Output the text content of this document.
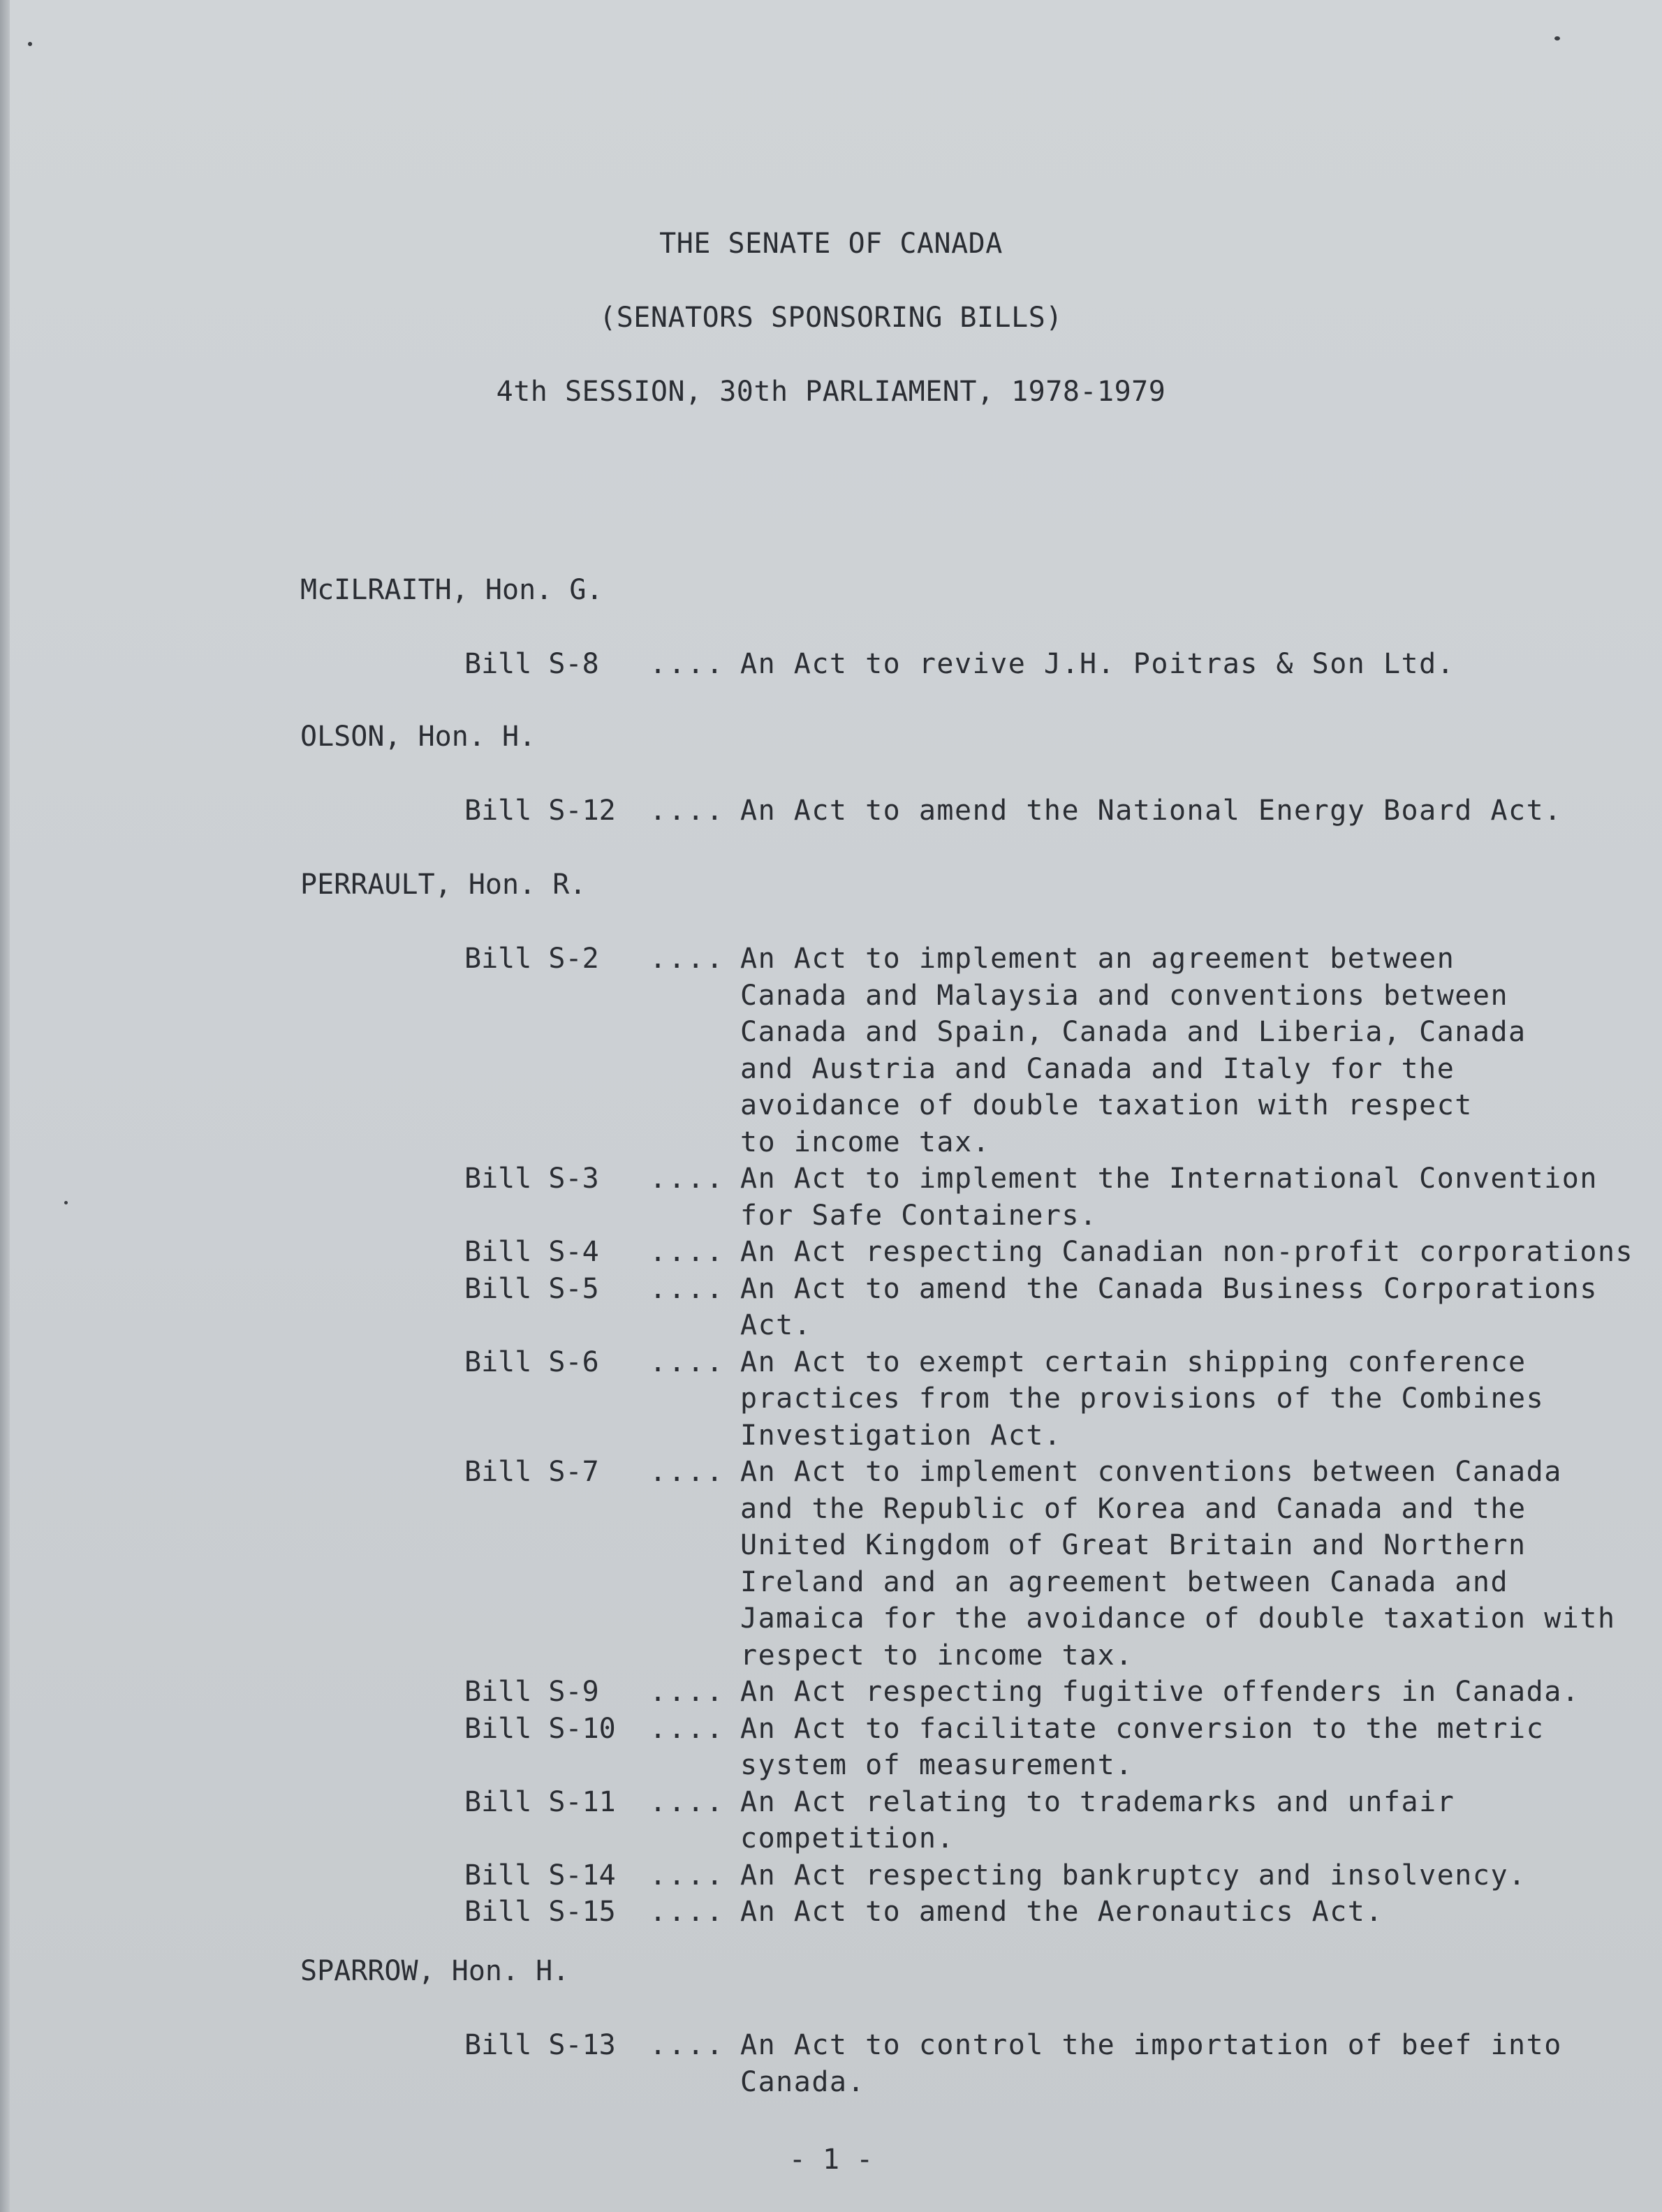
THE SENATE OF CANADA
(SENATORS SPONSORING BILLS)
4th SESSION, 30th PARLIAMENT, 1978-1979
McILRAITH, Hon. G.
Bill S-8 .... An Act to revive J.H. Poitras & Son Ltd.
OLSON, Hon. H.
Bill S-12 .... An Act to amend the National Energy Board Act.
PERRAULT, Hon. R.
Bill S-2 .... An Act to implement an agreement between
Canada and Malaysia and conventions between
Canada and Spain, Canada and Liberia, Canada
and Austria and Canada and Italy for the
avoidance of double taxation with respect
to income tax.
Bill S-3 .... An Act to implement the International Convention
for Safe Containers.
Bill S-4 .... An Act respecting Canadian non-profit corporations
Bill S-5 .... An Act to amend the Canada Business Corporations
Act.
Bill S-6 .... An Act to exempt certain shipping conference
practices from the provisions of the Combines
Investigation Act.
Bill S-7 .... An Act to implement conventions between Canada
and the Republic of Korea and Canada and the
United Kingdom of Great Britain and Northern
Ireland and an agreement between Canada and
Jamaica for the avoidance of double taxation with
respect to income tax.
Bill S-9 .... An Act respecting fugitive offenders in Canada.
Bill S-10 .... An Act to facilitate conversion to the metric
system of measurement.
Bill S-11 .... An Act relating to trademarks and unfair
competition.
Bill S-14 .... An Act respecting bankruptcy and insolvency.
Bill S-15 .... An Act to amend the Aeronautics Act.
SPARROW, Hon. H.
Bill S-13 .... An Act to control the importation of beef into
Canada.
- 1 -
